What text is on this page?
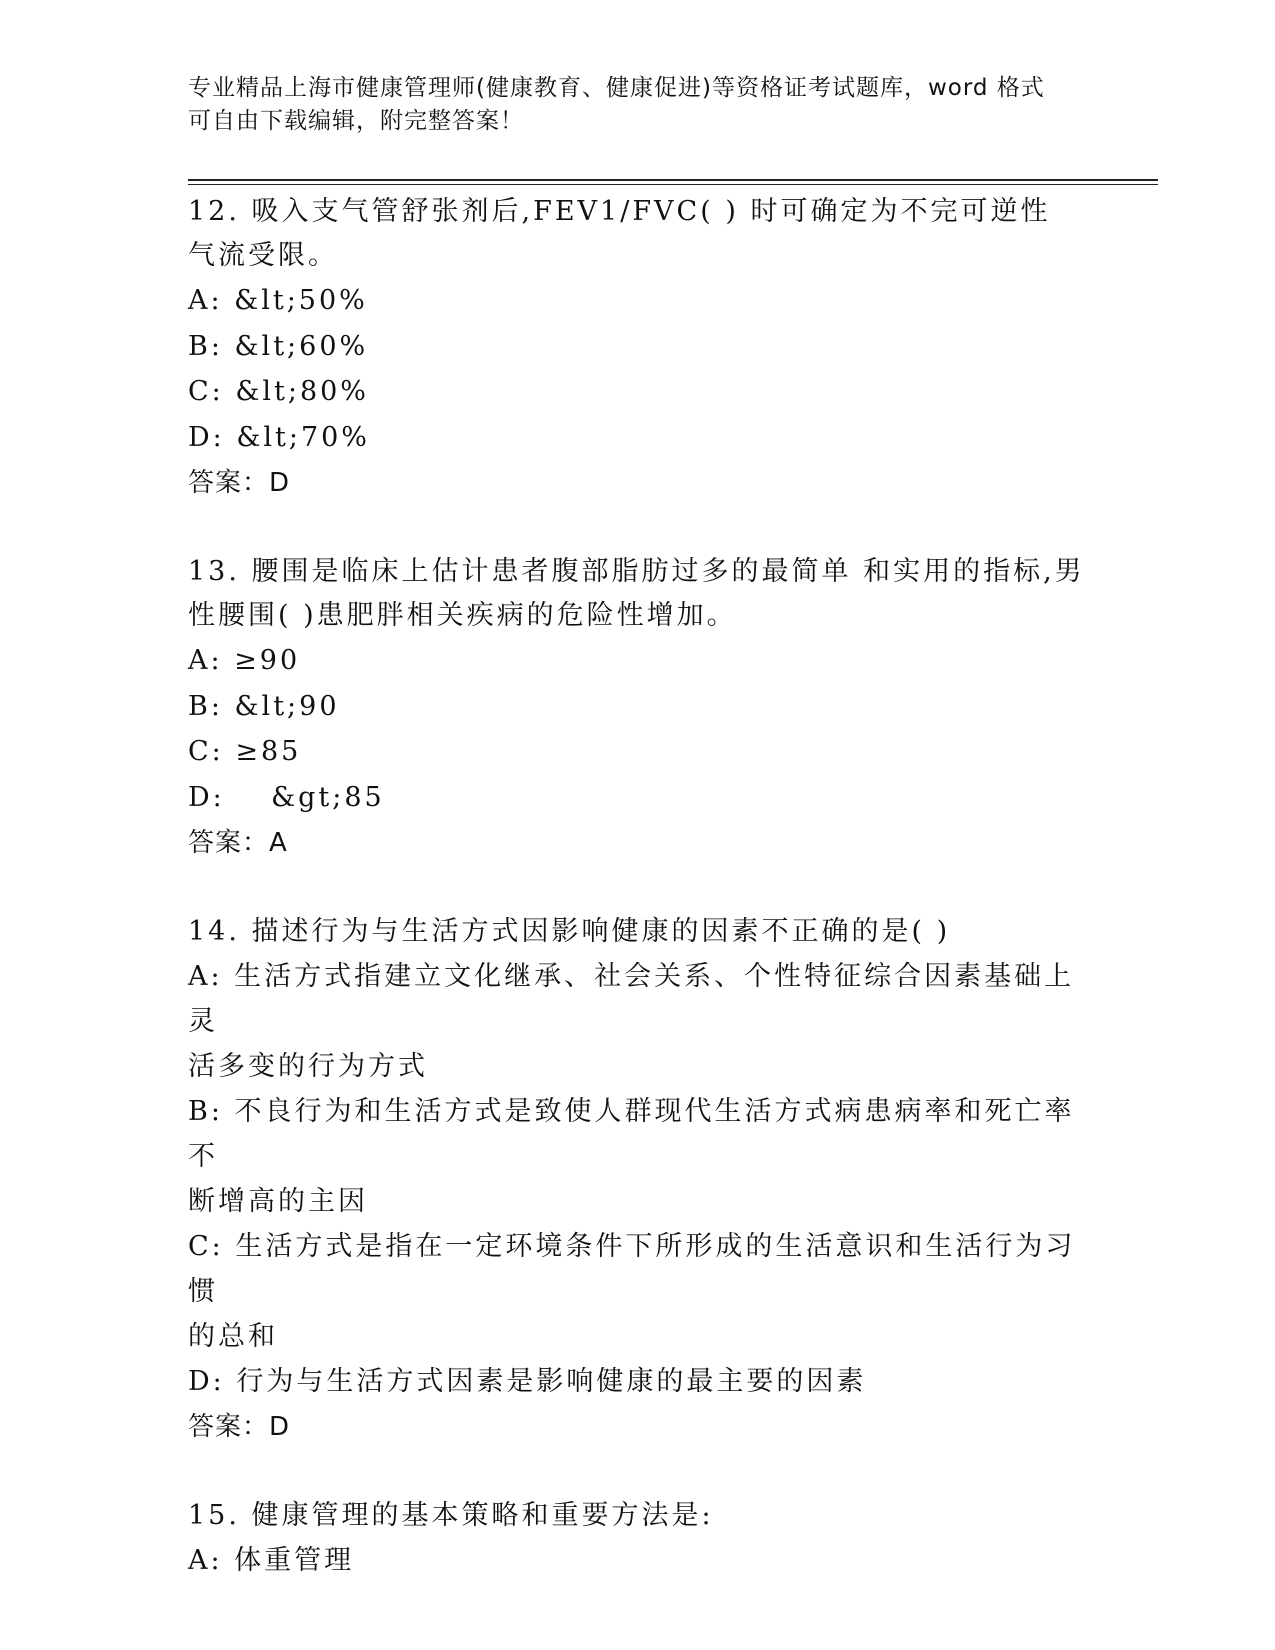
专业精品上海市健康管理师(健康教育、健康促进)等资格证考试题库，word 格式
可自由下载编辑，附完整答案！

12. 吸入支气管舒张剂后,FEV1/FVC( ) 时可确定为不完可逆性

气流受限。

A: &lt;50%

B: &lt;60%

C: &lt;80%

D: &lt;70%

答案：D

13. 腰围是临床上估计患者腹部脂肪过多的最简单 和实用的指标,男

性腰围( )患肥胖相关疾病的危险性增加。

A: ≥90

B: &lt;90

C: ≥85

D:    &gt;85

答案：A

14. 描述行为与生活方式因影响健康的因素不正确的是( )

A: 生活方式指建立文化继承、社会关系、个性特征综合因素基础上灵

活多变的行为方式

B: 不良行为和生活方式是致使人群现代生活方式病患病率和死亡率不

断增高的主因

C: 生活方式是指在一定环境条件下所形成的生活意识和生活行为习惯

的总和

D: 行为与生活方式因素是影响健康的最主要的因素

答案：D

15. 健康管理的基本策略和重要方法是:

A: 体重管理
